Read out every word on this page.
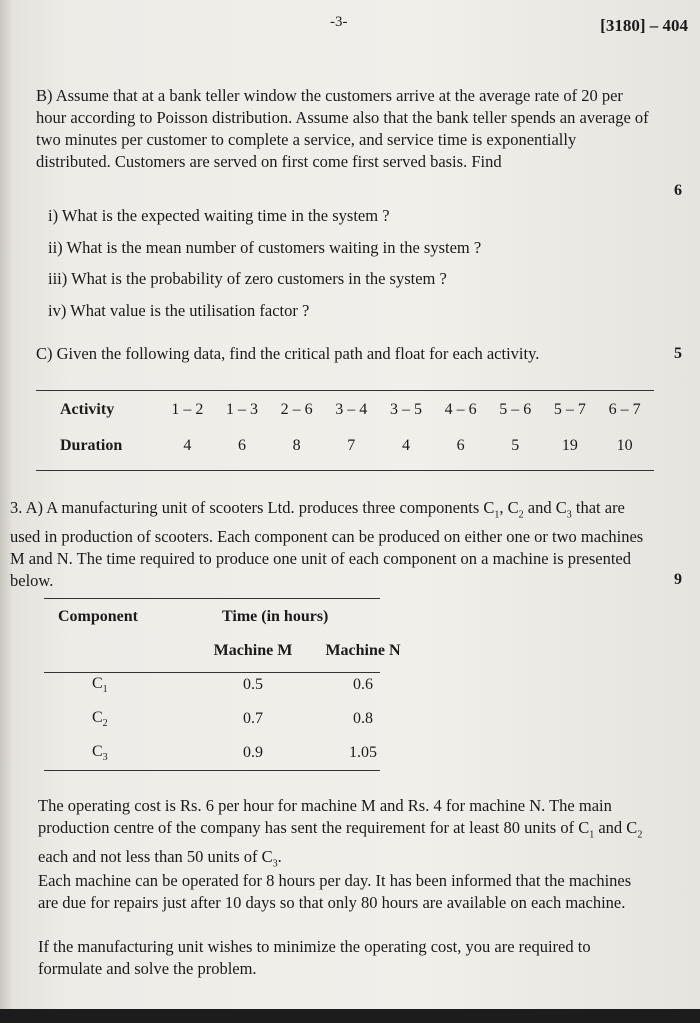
-3-	[3180] – 404

B) Assume that at a bank teller window the customers arrive at the average rate of 20 per hour according to Poisson distribution. Assume also that the bank teller spends an average of two minutes per customer to complete a service, and service time is exponentially distributed. Customers are served on first come first served basis. Find

6
i) What is the expected waiting time in the system ?
ii) What is the mean number of customers waiting in the system ?
iii) What is the probability of zero customers in the system ?
iv) What value is the utilisation factor ?

C) Given the following data, find the critical path and float for each activity.	5
Activity	1 – 2	1 – 3	2 – 6	3 – 4	3 – 5	4 – 6	5 – 6	5 – 7	6 – 7
Duration	4	6	8	7	4	6	5	19	10

3. A) A manufacturing unit of scooters Ltd. produces three components $C_1$, $C_2$ and $C_3$ that are used in production of scooters. Each component can be produced on either one or two machines M and N. The time required to produce one unit of each component on a machine is presented below.	9
Component	Time (in hours)	
	Machine M	Machine N
$C_1$	0.5	0.6
$C_2$	0.7	0.8
$C_3$	0.9	1.05

The operating cost is Rs. 6 per hour for machine M and Rs. 4 for machine N. The main production centre of the company has sent the requirement for at least 80 units of $C_1$ and $C_2$ each and not less than 50 units of $C_3$.

Each machine can be operated for 8 hours per day. It has been informed that the machines are due for repairs just after 10 days so that only 80 hours are available on each machine.

If the manufacturing unit wishes to minimize the operating cost, you are required to formulate and solve the problem.
